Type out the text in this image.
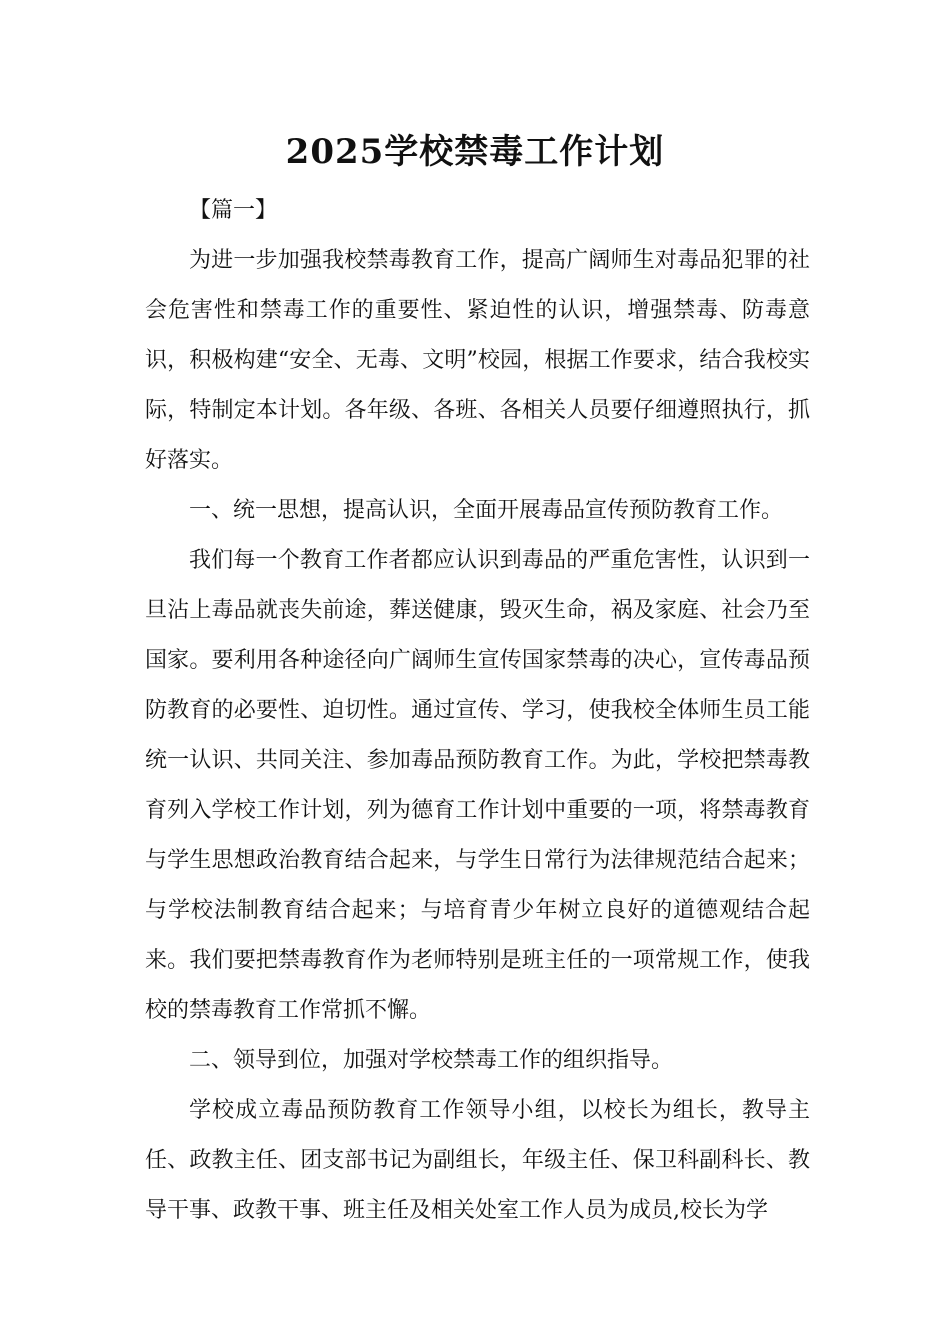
2025学校禁毒工作计划

【篇一】

为进一步加强我校禁毒教育工作，提高广阔师生对毒品犯罪的社会危害性和禁毒工作的重要性、紧迫性的认识，增强禁毒、防毒意识，积极构建“安全、无毒、文明”校园，根据工作要求，结合我校实际，特制定本计划。各年级、各班、各相关人员要仔细遵照执行，抓好落实。

一、统一思想，提高认识，全面开展毒品宣传预防教育工作。

我们每一个教育工作者都应认识到毒品的严重危害性，认识到一旦沾上毒品就丧失前途，葬送健康，毁灭生命，祸及家庭、社会乃至国家。要利用各种途径向广阔师生宣传国家禁毒的决心，宣传毒品预防教育的必要性、迫切性。通过宣传、学习，使我校全体师生员工能统一认识、共同关注、参加毒品预防教育工作。为此，学校把禁毒教育列入学校工作计划，列为德育工作计划中重要的一项，将禁毒教育与学生思想政治教育结合起来，与学生日常行为法律规范结合起来；与学校法制教育结合起来；与培育青少年树立良好的道德观结合起来。我们要把禁毒教育作为老师特别是班主任的一项常规工作，使我校的禁毒教育工作常抓不懈。

二、领导到位，加强对学校禁毒工作的组织指导。

学校成立毒品预防教育工作领导小组，以校长为组长，教导主任、政教主任、团支部书记为副组长，年级主任、保卫科副科长、教导干事、政教干事、班主任及相关处室工作人员为成员,校长为学
